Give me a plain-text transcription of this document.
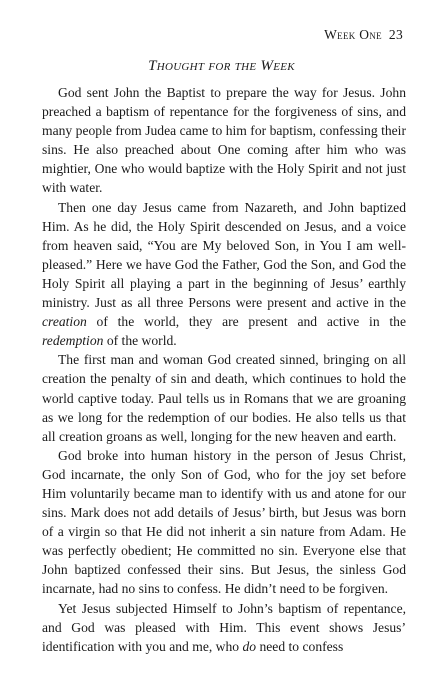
Week One 23
Thought for the Week

God sent John the Baptist to prepare the way for Jesus. John preached a baptism of repentance for the forgiveness of sins, and many people from Judea came to him for baptism, confessing their sins. He also preached about One coming after him who was mightier, One who would baptize with the Holy Spirit and not just with water.

Then one day Jesus came from Nazareth, and John baptized Him. As he did, the Holy Spirit descended on Jesus, and a voice from heaven said, “You are My beloved Son, in You I am well-pleased.” Here we have God the Father, God the Son, and God the Holy Spirit all playing a part in the beginning of Jesus’ earthly ministry. Just as all three Persons were present and active in the creation of the world, they are present and active in the redemption of the world.

The first man and woman God created sinned, bringing on all creation the penalty of sin and death, which continues to hold the world captive today. Paul tells us in Romans that we are groaning as we long for the redemption of our bodies. He also tells us that all creation groans as well, longing for the new heaven and earth.

God broke into human history in the person of Jesus Christ, God incarnate, the only Son of God, who for the joy set before Him voluntarily became man to identify with us and atone for our sins. Mark does not add details of Jesus’ birth, but Jesus was born of a virgin so that He did not inherit a sin nature from Adam. He was perfectly obedient; He committed no sin. Everyone else that John baptized confessed their sins. But Jesus, the sinless God incarnate, had no sins to confess. He didn’t need to be forgiven.

Yet Jesus subjected Himself to John’s baptism of repentance, and God was pleased with Him. This event shows Jesus’ identification with you and me, who do need to confess
